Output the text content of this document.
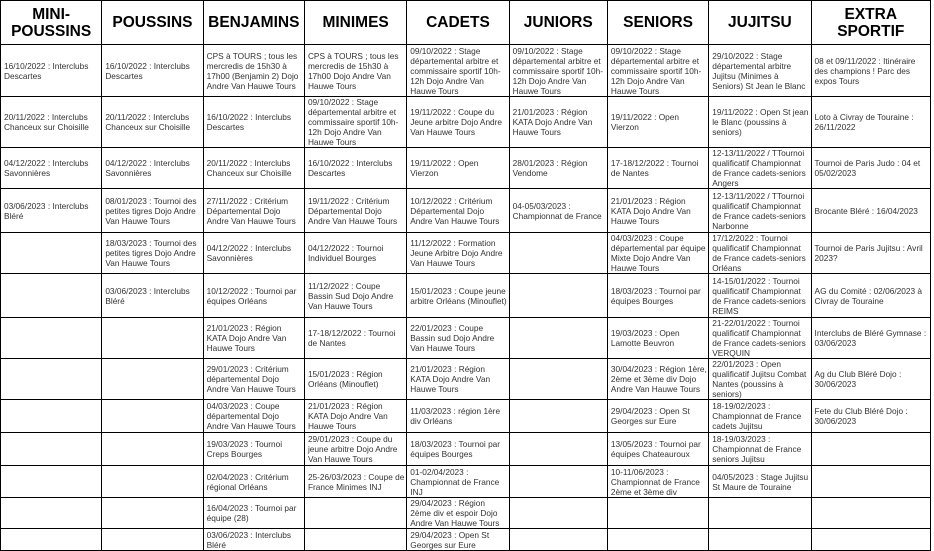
MINI-POUSSINS	POUSSINS	BENJAMINS	MINIMES	CADETS	JUNIORS	SENIORS	JUJITSU	EXTRA SPORTIF
16/10/2022 : Interclubs Descartes	16/10/2022 : Interclubs Descartes	CPS à TOURS ; tous les mercredis de 15h30 à 17h00 (Benjamin 2) Dojo Andre Van Hauwe Tours	CPS à TOURS ; tous les mercredis de 15h30 à 17h00 Dojo Andre Van Hauwe Tours	09/10/2022 : Stage départemental arbitre et commissaire sportif 10h-12h Dojo Andre Van Hauwe Tours	09/10/2022 : Stage départemental arbitre et commissaire sportif 10h-12h Dojo Andre Van Hauwe Tours	09/10/2022 : Stage départemental arbitre et commissaire sportif 10h-12h Dojo Andre Van Hauwe Tours	29/10/2022 : Stage départemental arbitre Jujitsu (Minimes à Seniors) St Jean le Blanc	08 et 09/11/2022 : Itinéraire des champions ! Parc des expos Tours
20/11/2022 : Interclubs Chanceux sur Choisille	20/11/2022 : Interclubs Chanceux sur Choisille	16/10/2022 : Interclubs Descartes	09/10/2022 : Stage départemental arbitre et commissaire sportif 10h-12h Dojo Andre Van Hauwe Tours	19/11/2022 : Coupe du Jeune arbitre Dojo Andre Van Hauwe Tours	21/01/2023 : Région KATA Dojo Andre Van Hauwe Tours	19/11/2022 : Open Vierzon	19/11/2022 : Open St jean le Blanc (poussins à seniors)	Loto à Civray de Touraine : 26/11/2022
04/12/2022 : Interclubs Savonnières	04/12/2022 : Interclubs Savonnières	20/11/2022 : Interclubs Chanceux sur Choisille	16/10/2022 : Interclubs Descartes	19/11/2022 : Open Vierzon	28/01/2023 : Région Vendome	17-18/12/2022 : Tournoi de Nantes	12-13/11/2022 / TTournoi qualificatif Championnat de France cadets-seniors Angers	Tournoi de Paris Judo : 04 et 05/02/2023
03/06/2023 : Interclubs Bléré	08/01/2023 : Tournoi des petites tigres Dojo Andre Van Hauwe Tours	27/11/2022 : Critérium Départemental Dojo Andre Van Hauwe Tours	19/11/2022 : Critérium Départemental Dojo Andre Van Hauwe Tours	10/12/2022 : Critérium Départemental Dojo Andre Van Hauwe Tours	04-05/03/2023 : Championnat de France	21/01/2023 : Région KATA Dojo Andre Van Hauwe Tours	12-13/11/2022 / TTournoi qualificatif Championnat de France cadets-seniors Narbonne	Brocante Bléré : 16/04/2023
	18/03/2023 : Tournoi des petites tigres Dojo Andre Van Hauwe Tours	04/12/2022 : Interclubs Savonnières	04/12/2022 : Tournoi Individuel Bourges	11/12/2022 : Formation Jeune Arbitre Dojo Andre Van Hauwe Tours		04/03/2023 : Coupe départemental par équipe Mixte Dojo Andre Van Hauwe Tours	17/12/2022 : Tournoi qualificatif Championnat de France cadets-seniors Orléans	Tournoi de Paris Jujitsu : Avril 2023?
	03/06/2023 : Interclubs Bléré	10/12/2022 : Tournoi par équipes Orléans	11/12/2022 : Coupe Bassin Sud Dojo Andre Van Hauwe Tours	15/01/2023 : Coupe jeune arbitre Orléans (Minouflet)		18/03/2023 : Tournoi par équipes Bourges	14-15/01/2022 : Tournoi qualificatif Championnat de France cadets-seniors REIMS	AG du Comité : 02/06/2023 à Civray de Touraine
		21/01/2023 : Région KATA Dojo Andre Van Hauwe Tours	17-18/12/2022 : Tournoi de Nantes	22/01/2023 : Coupe Bassin sud Dojo Andre Van Hauwe Tours		19/03/2023 : Open Lamotte Beuvron	21-22/01/2022 : Tournoi qualificatif Championnat de France cadets-seniors VERQUIN	Interclubs de Bléré Gymnase : 03/06/2023
		29/01/2023 : Critérium départemental Dojo Andre Van Hauwe Tours	15/01/2023 : Région Orléans (Minouflet)	21/01/2023 : Région KATA Dojo Andre Van Hauwe Tours		30/04/2023 : Région 1ère, 2ème et 3ème div Dojo Andre Van Hauwe Tours	22/01/2023 : Open qualificatif Jujitsu Combat Nantes (poussins à seniors)	Ag du Club Bléré Dojo : 30/06/2023
		04/03/2023 : Coupe départemental Dojo Andre Van Hauwe Tours	21/01/2023 : Région KATA Dojo Andre Van Hauwe Tours	11/03/2023 : région 1ère div Orléans		29/04/2023 : Open St Georges sur Eure	18-19/02/2023 : Championnat de France cadets Jujitsu	Fete du Club Bléré Dojo : 30/06/2023
		19/03/2023 : Tournoi Creps Bourges	29/01/2023 : Coupe du jeune arbitre Dojo Andre Van Hauwe Tours	18/03/2023 : Tournoi par équipes Bourges		13/05/2023 : Tournoi par équipes Chateauroux	18-19/03/2023 : Championnat de France seniors Jujitsu	
		02/04/2023 : Critérium régional Orléans	25-26/03/2023 : Coupe de France Minimes INJ	01-02/04/2023 : Championnat de France INJ		10-11/06/2023 : Championnat de France 2ème et 3ème div	04/05/2023 : Stage Jujitsu St Maure de Touraine	
		16/04/2023 : Tournoi par équipe (28)		29/04/2023 : Région 2ème div et espoir Dojo Andre Van Hauwe Tours				
		03/06/2023 : Interclubs Bléré		29/04/2023 : Open St Georges sur Eure				
